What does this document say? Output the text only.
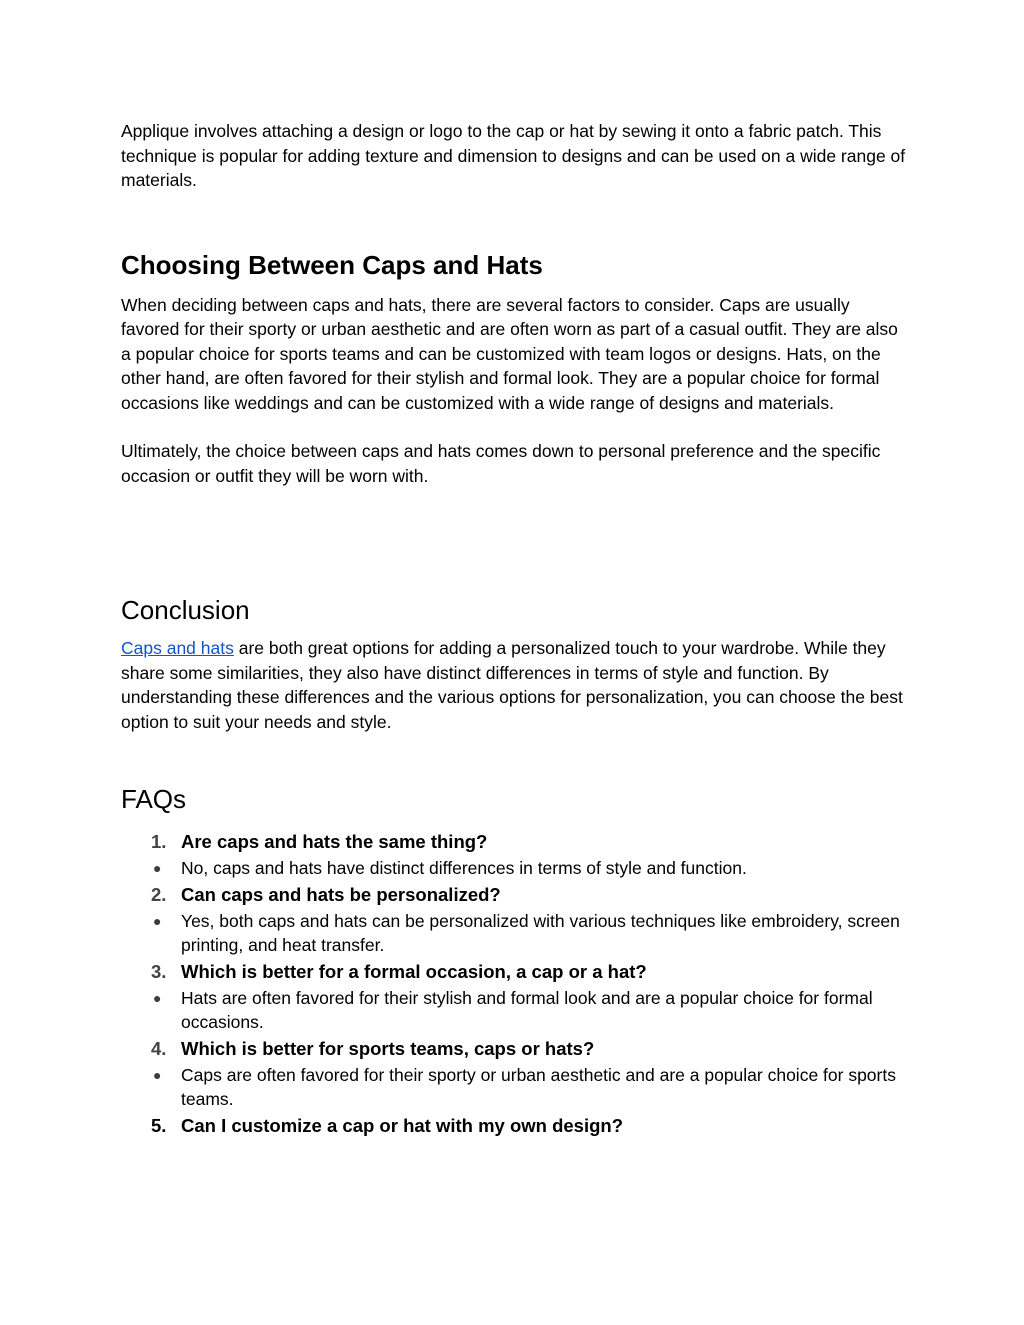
Applique involves attaching a design or logo to the cap or hat by sewing it onto a fabric patch. This technique is popular for adding texture and dimension to designs and can be used on a wide range of materials.

Choosing Between Caps and Hats

When deciding between caps and hats, there are several factors to consider. Caps are usually favored for their sporty or urban aesthetic and are often worn as part of a casual outfit. They are also a popular choice for sports teams and can be customized with team logos or designs. Hats, on the other hand, are often favored for their stylish and formal look. They are a popular choice for formal occasions like weddings and can be customized with a wide range of designs and materials.

Ultimately, the choice between caps and hats comes down to personal preference and the specific occasion or outfit they will be worn with.

Conclusion

Caps and hats are both great options for adding a personalized touch to your wardrobe. While they share some similarities, they also have distinct differences in terms of style and function. By understanding these differences and the various options for personalization, you can choose the best option to suit your needs and style.

FAQs
1. Are caps and hats the same thing?
● No, caps and hats have distinct differences in terms of style and function.
2. Can caps and hats be personalized?
● Yes, both caps and hats can be personalized with various techniques like embroidery, screen printing, and heat transfer.
3. Which is better for a formal occasion, a cap or a hat?
● Hats are often favored for their stylish and formal look and are a popular choice for formal occasions.
4. Which is better for sports teams, caps or hats?
● Caps are often favored for their sporty or urban aesthetic and are a popular choice for sports teams.
5. Can I customize a cap or hat with my own design?
